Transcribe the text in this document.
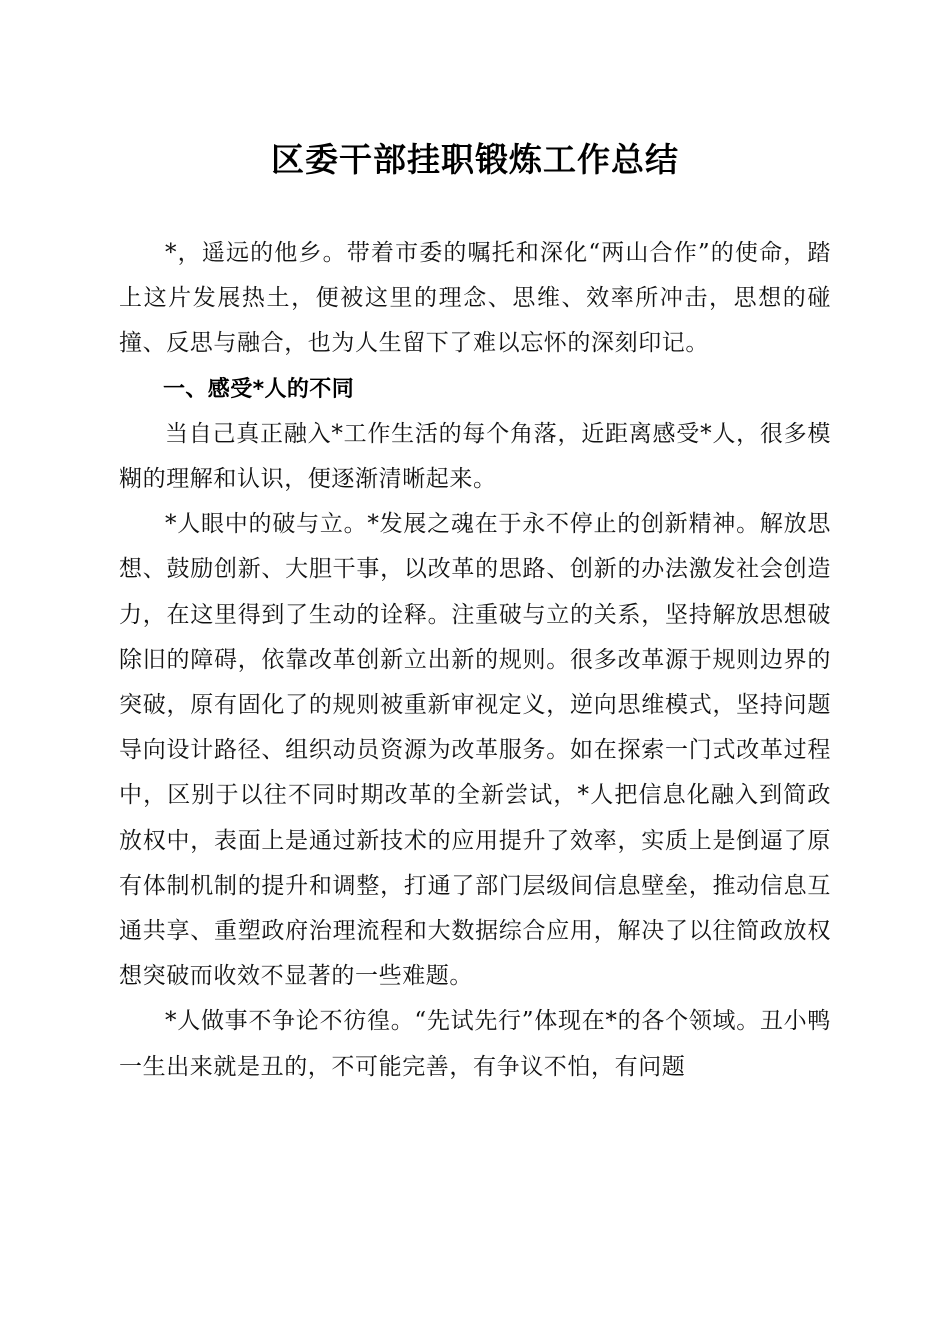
区委干部挂职锻炼工作总结

*，遥远的他乡。带着市委的嘱托和深化“两山合作”的使命，踏上这片发展热土，便被这里的理念、思维、效率所冲击，思想的碰撞、反思与融合，也为人生留下了难以忘怀的深刻印记。

一、感受*人的不同

当自己真正融入*工作生活的每个角落，近距离感受*人，很多模糊的理解和认识，便逐渐清晰起来。

*人眼中的破与立。*发展之魂在于永不停止的创新精神。解放思想、鼓励创新、大胆干事，以改革的思路、创新的办法激发社会创造力，在这里得到了生动的诠释。注重破与立的关系，坚持解放思想破除旧的障碍，依靠改革创新立出新的规则。很多改革源于规则边界的突破，原有固化了的规则被重新审视定义，逆向思维模式，坚持问题导向设计路径、组织动员资源为改革服务。如在探索一门式改革过程中，区别于以往不同时期改革的全新尝试，*人把信息化融入到简政放权中，表面上是通过新技术的应用提升了效率，实质上是倒逼了原有体制机制的提升和调整，打通了部门层级间信息壁垒，推动信息互通共享、重塑政府治理流程和大数据综合应用，解决了以往简政放权想突破而收效不显著的一些难题。

*人做事不争论不彷徨。“先试先行”体现在*的各个领域。丑小鸭一生出来就是丑的，不可能完善，有争议不怕，有问题
